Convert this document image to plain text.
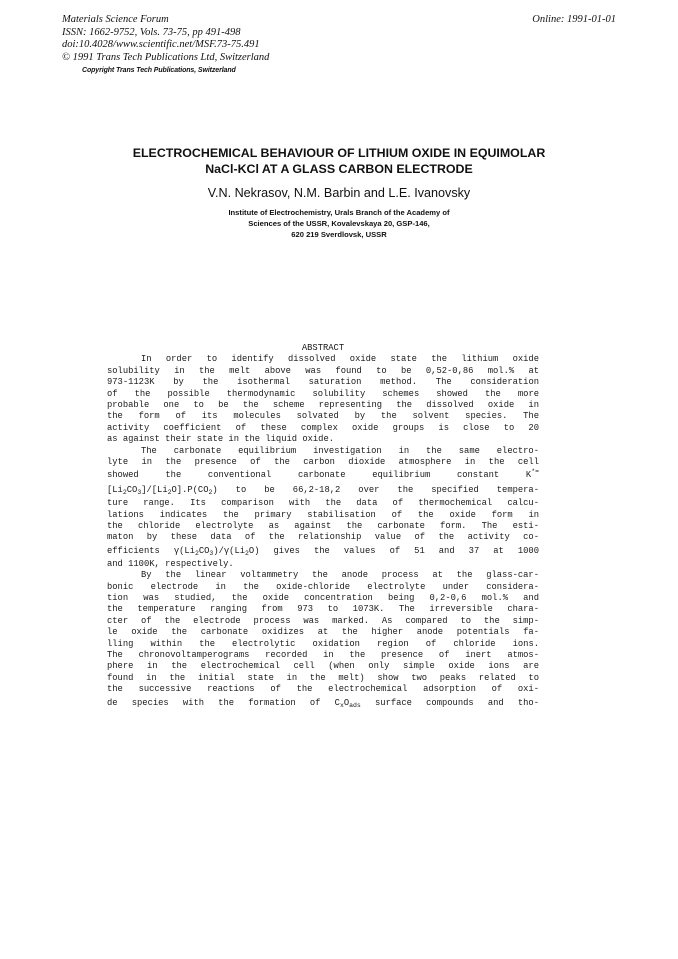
Materials Science Forum
ISSN: 1662-9752, Vols. 73-75, pp 491-498
doi:10.4028/www.scientific.net/MSF.73-75.491
© 1991 Trans Tech Publications Ltd, Switzerland
Copyright Trans Tech Publications, Switzerland
Online: 1991-01-01
ELECTROCHEMICAL BEHAVIOUR OF LITHIUM OXIDE IN EQUIMOLAR
NaCl-KCl AT A GLASS CARBON ELECTRODE
V.N. Nekrasov, N.M. Barbin and L.E. Ivanovsky
Institute of Electrochemistry, Urals Branch of the Academy of
Sciences of the USSR, Kovalevskaya 20, GSP-146,
620 219 Sverdlovsk, USSR
ABSTRACT
In order to identify dissolved oxide state the lithium oxide
solubility in the melt above was found to be 0,52-0,86 mol.% at
973-1123K by the isothermal saturation method. The consideration
of the possible thermodynamic solubility schemes showed the more
probable one to be the scheme representing the dissolved oxide in
the form of its molecules solvated by the solvent species. The
activity coefficient of these complex oxide groups is close to 20
as against their state in the liquid oxide.
The carbonate equilibrium investigation in the same electro-
lyte in the presence of the carbon dioxide atmosphere in the cell
showed the conventional carbonate equilibrium constant K*=
$[Li_2CO_3]/[Li_2O].P(CO_2)$ to be 66,2-18,2 over the specified tempera-
ture range. Its comparison with the data of thermochemical calcu-
lations indicates the primary stabilisation of the oxide form in
the chloride electrolyte as against the carbonate form. The esti-
maton by these data of the relationship value of the activity co-
efficients $\gamma(Li_2CO_3)/\gamma(Li_2O)$ gives the values of 51 and 37 at 1000
and 1100K, respectively.
By the linear voltammetry the anode process at the glass-car-
bonic electrode in the oxide-chloride electrolyte under considera-
tion was studied, the oxide concentration being 0,2-0,6 mol.% and
the temperature ranging from 973 to 1073K. The irreversible chara-
cter of the electrode process was marked. As compared to the simp-
le oxide the carbonate oxidizes at the higher anode potentials fa-
lling within the electrolytic oxidation region of chloride ions.
The chronovoltamperograms recorded in the presence of inert atmos-
phere in the electrochemical cell (when only simple oxide ions are
found in the initial state in the melt) show two peaks related to
the successive reactions of the electrochemical adsorption of oxi-
de species with the formation of $C_xO_{ads}$ surface compounds and tho-
